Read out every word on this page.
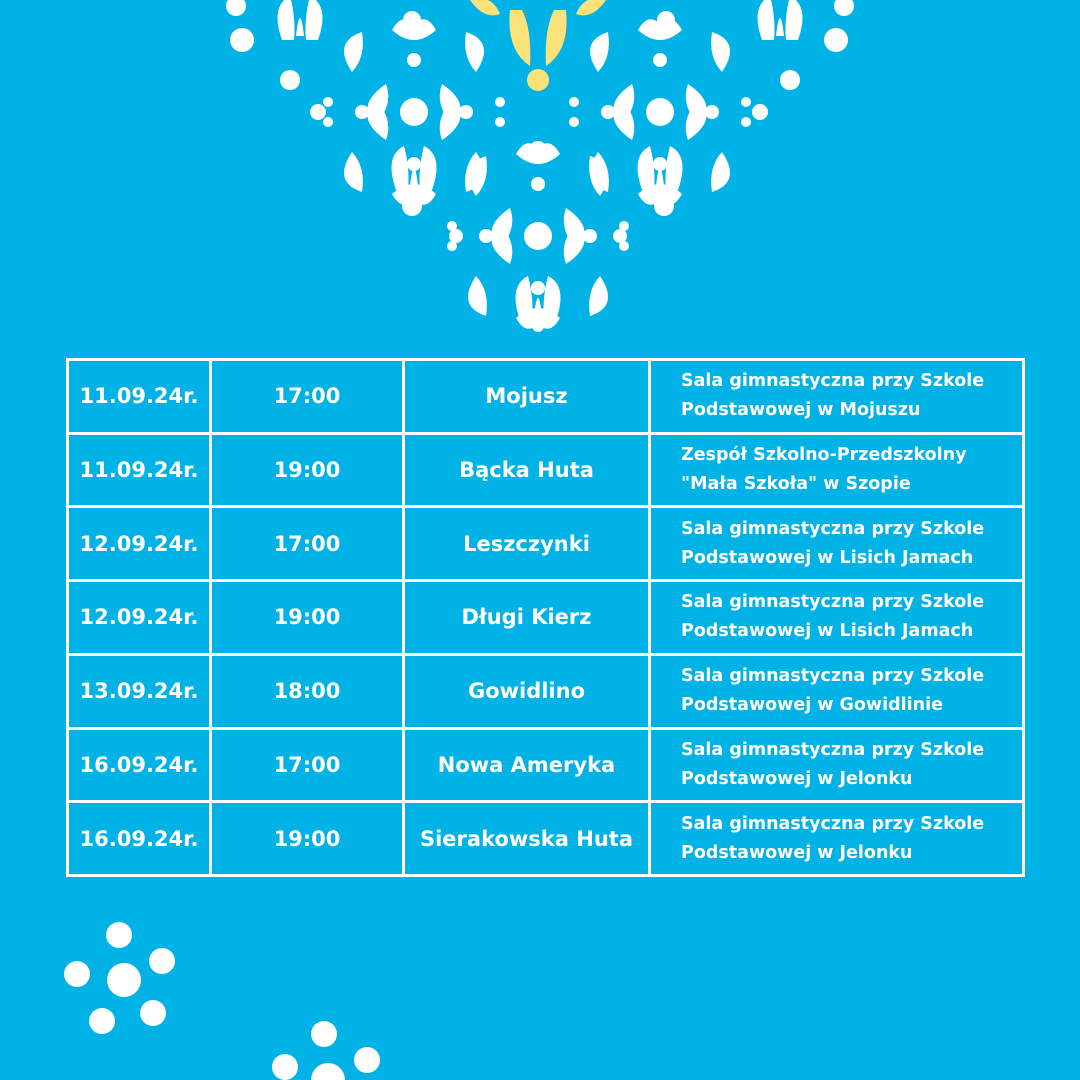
11.09.24r.	17:00	Mojusz	Sala gimnastyczna przy Szkole
Podstawowej w Mojuszu

11.09.24r.	19:00	Bącka Huta	Zespół Szkolno-Przedszkolny
"Mała Szkoła" w Szopie

12.09.24r.	17:00	Leszczynki	Sala gimnastyczna przy Szkole
Podstawowej w Lisich Jamach

12.09.24r.	19:00	Długi Kierz	Sala gimnastyczna przy Szkole
Podstawowej w Lisich Jamach

13.09.24r.	18:00	Gowidlino	Sala gimnastyczna przy Szkole
Podstawowej w Gowidlinie

16.09.24r.	17:00	Nowa Ameryka	Sala gimnastyczna przy Szkole
Podstawowej w Jelonku

16.09.24r.	19:00	Sierakowska Huta	Sala gimnastyczna przy Szkole
Podstawowej w Jelonku
